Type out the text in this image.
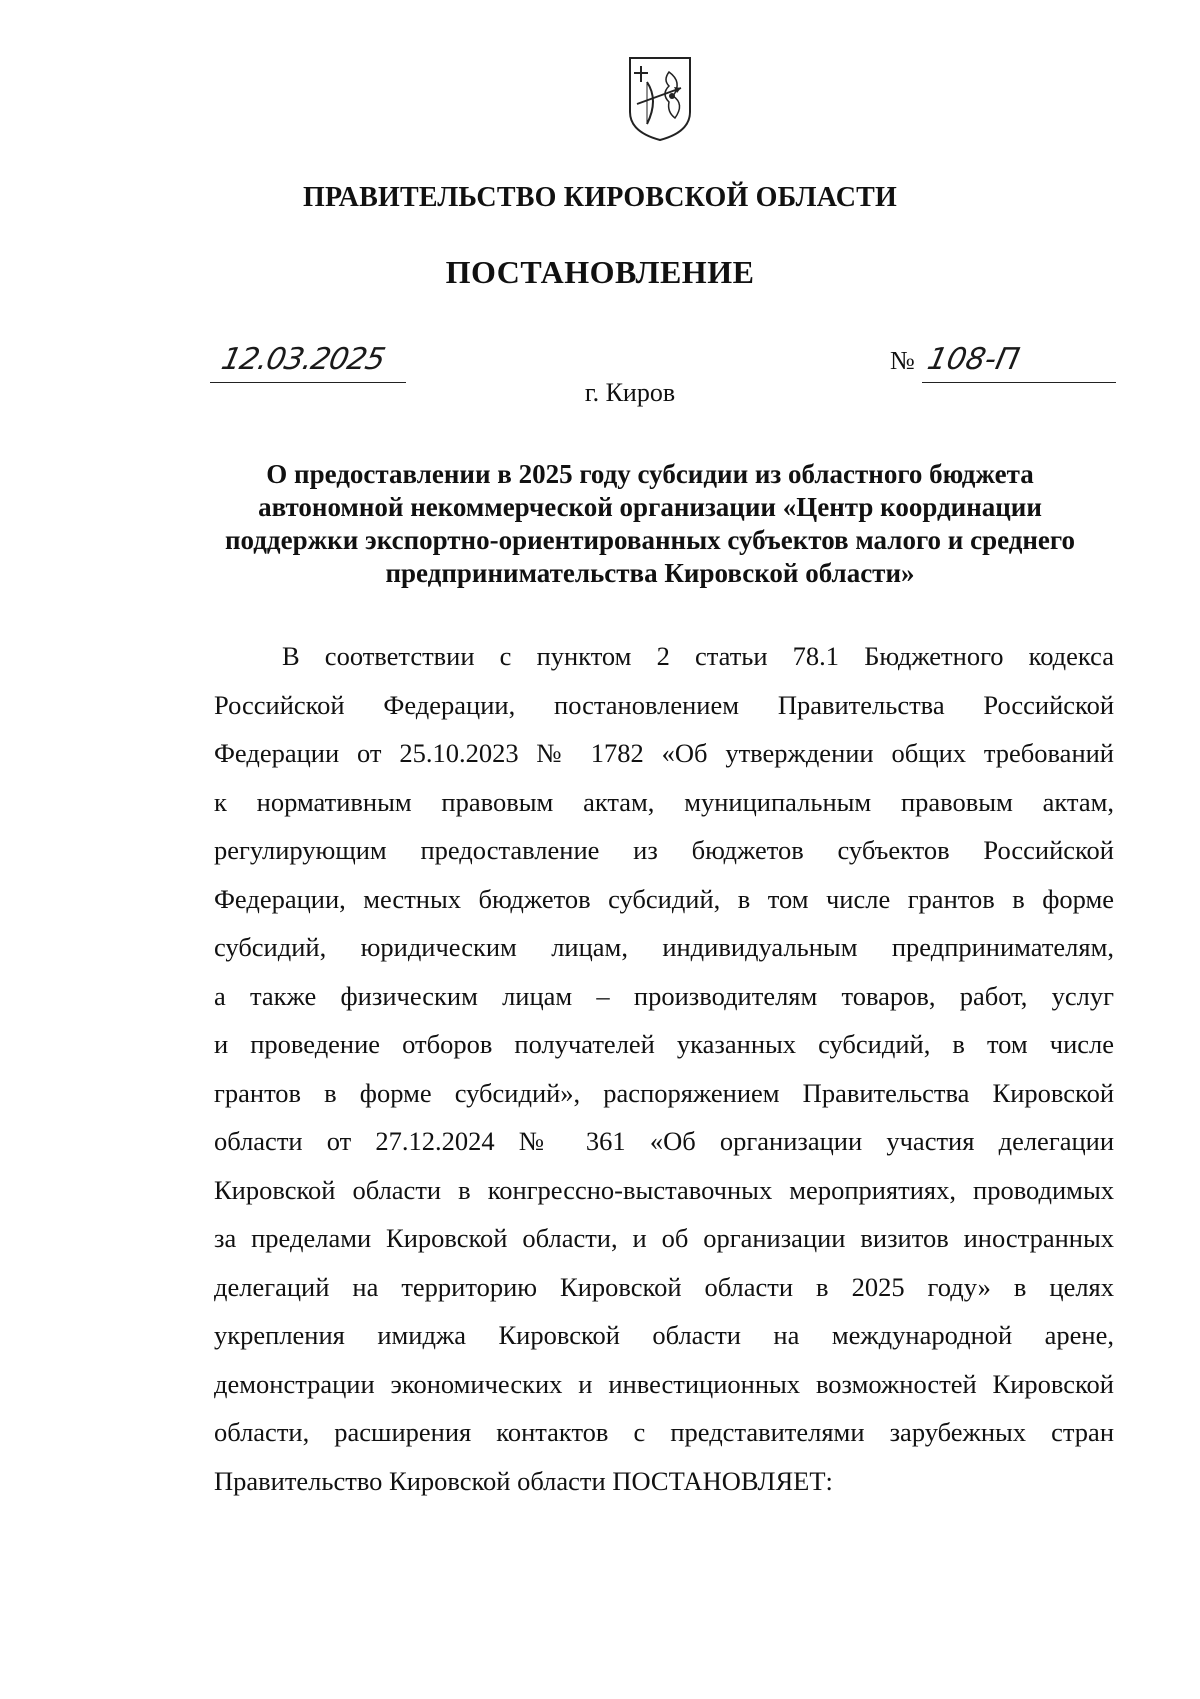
ПРАВИТЕЛЬСТВО КИРОВСКОЙ ОБЛАСТИ
ПОСТАНОВЛЕНИЕ
12.03.2025	№ 108-П
г. Киров
О предоставлении в 2025 году субсидии из областного бюджета
автономной некоммерческой организации «Центр координации
поддержки экспортно-ориентированных субъектов малого и среднего
предпринимательства Кировской области»
В соответствии с пунктом 2 статьи 78.1 Бюджетного кодекса
Российской Федерации, постановлением Правительства Российской
Федерации от 25.10.2023 № 1782 «Об утверждении общих требований
к нормативным правовым актам, муниципальным правовым актам,
регулирующим предоставление из бюджетов субъектов Российской
Федерации, местных бюджетов субсидий, в том числе грантов в форме
субсидий, юридическим лицам, индивидуальным предпринимателям,
а также физическим лицам – производителям товаров, работ, услуг
и проведение отборов получателей указанных субсидий, в том числе
грантов в форме субсидий», распоряжением Правительства Кировской
области от 27.12.2024 № 361 «Об организации участия делегации
Кировской области в конгрессно-выставочных мероприятиях, проводимых
за пределами Кировской области, и об организации визитов иностранных
делегаций на территорию Кировской области в 2025 году» в целях
укрепления имиджа Кировской области на международной арене,
демонстрации экономических и инвестиционных возможностей Кировской
области, расширения контактов с представителями зарубежных стран
Правительство Кировской области ПОСТАНОВЛЯЕТ:
